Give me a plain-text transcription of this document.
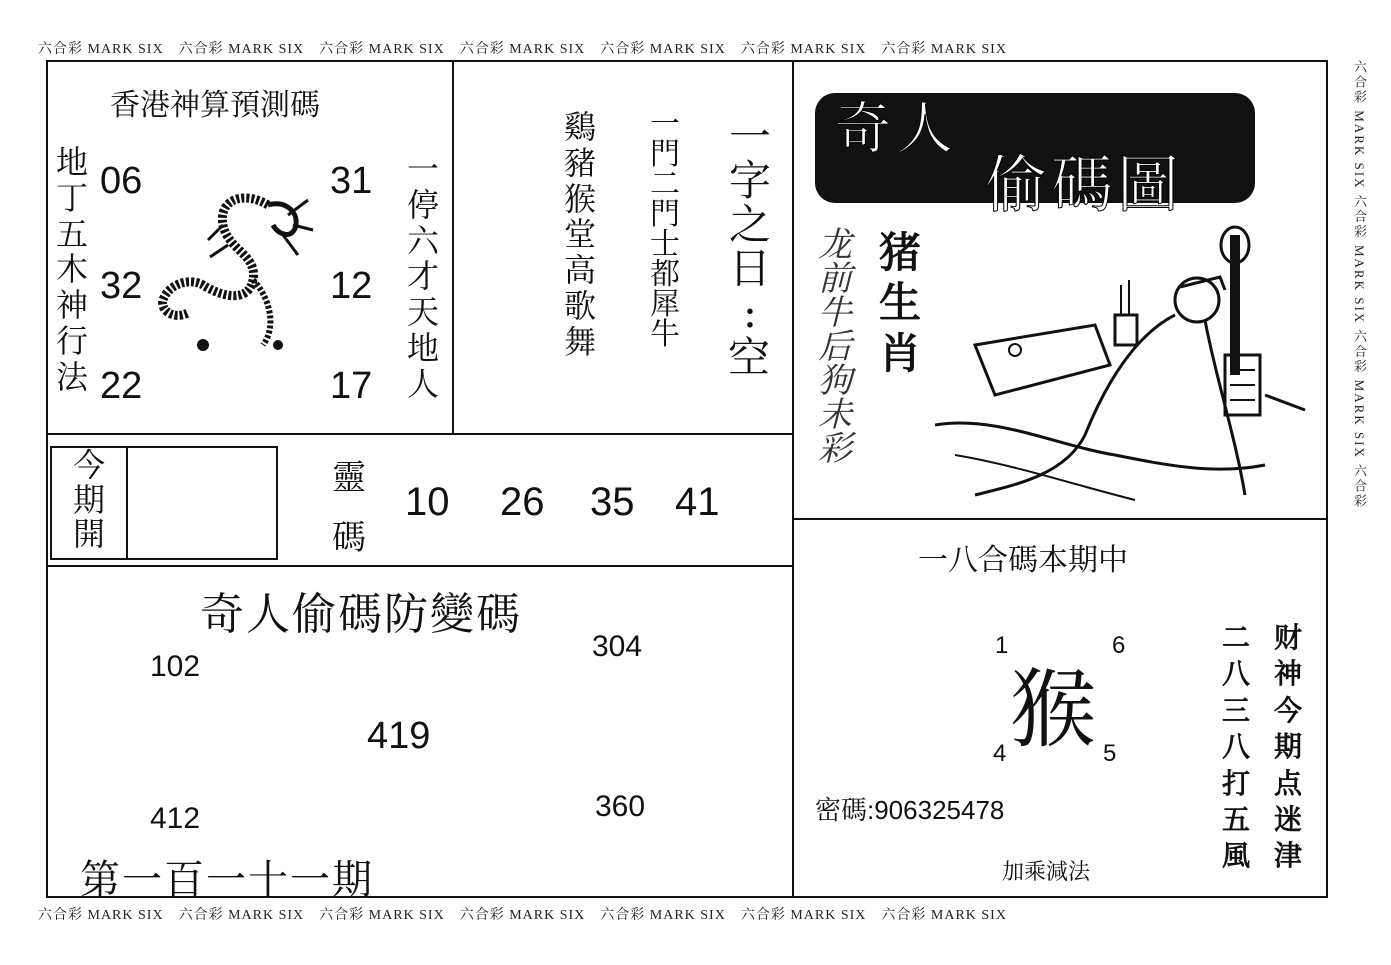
六合彩 MARK SIX　六合彩 MARK SIX　六合彩 MARK SIX　六合彩 MARK SIX　六合彩 MARK SIX　六合彩 MARK SIX　六合彩 MARK SIX
六合彩 MARK SIX　六合彩 MARK SIX　六合彩 MARK SIX　六合彩 MARK SIX　六合彩 MARK SIX　六合彩 MARK SIX　六合彩 MARK SIX
六合彩 MARK SIX 六合彩 MARK SIX 六合彩 MARK SIX 六合彩
香港神算預測碼
地
丁
五
木
神
行
法
06
32
22
31
12
17
一
停
六
才
天
地
人
鷄
豬
猴
堂
高
歌
舞
一
門
二
門
士
都
犀
牛
一
字
之
日
:
空
奇人
偷碼圖
龙
前
牛
后
狗
未
彩
猪
生
肖
今
期
開
靈
碼
10 26 35 41
奇人偷碼防變碼
102
304
419
412	360
第一百一十一期
一八合碼本期中
猴
1	6
4	5
密碼:906325478
加乘減法
财
神
今
期
点
迷
津
二
八
三
八
打
五
風
